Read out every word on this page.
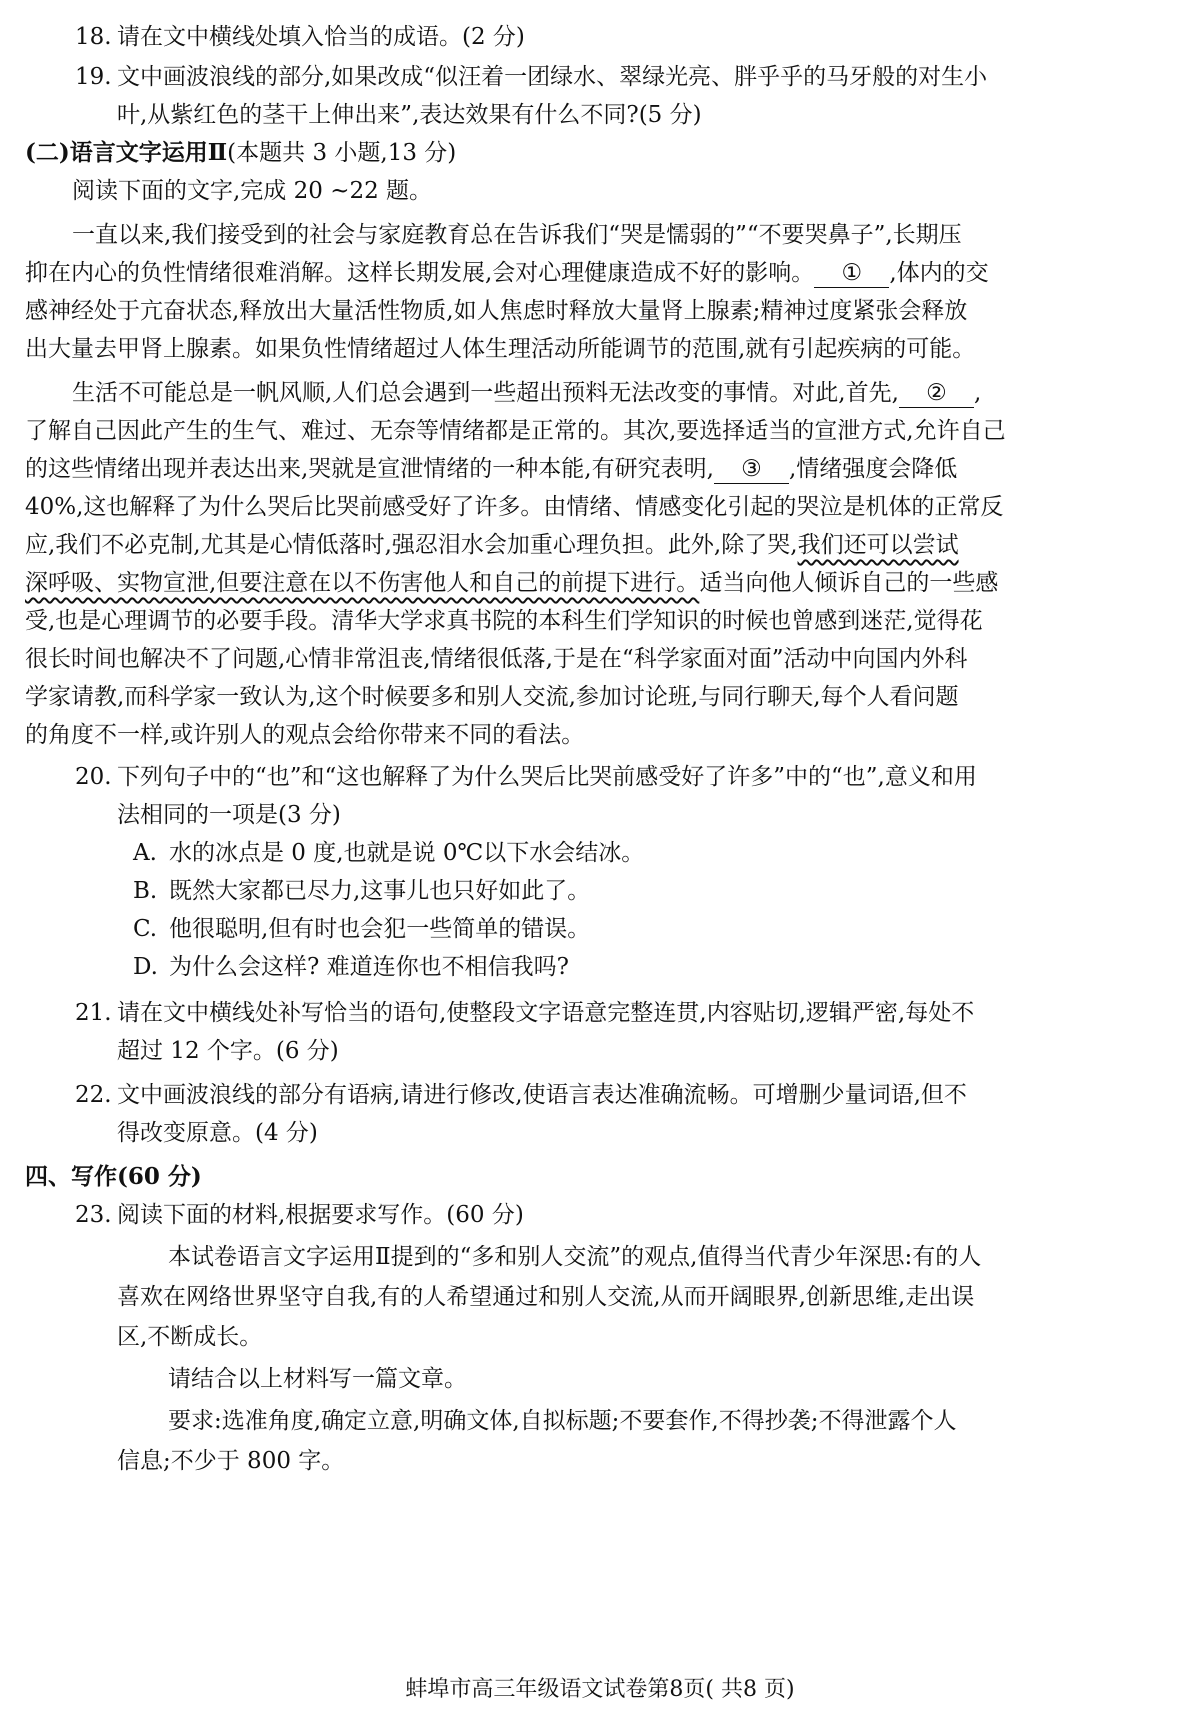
18. 请在文中横线处填入恰当的成语。(2 分)
19. 文中画波浪线的部分,如果改成“似汪着一团绿水、翠绿光亮、胖乎乎的马牙般的对生小
叶,从紫红色的茎干上伸出来”,表达效果有什么不同?(5 分)
(二)语言文字运用Ⅱ(本题共 3 小题,13 分)
阅读下面的文字,完成 20 ~22 题。
一直以来,我们接受到的社会与家庭教育总在告诉我们“哭是懦弱的”“不要哭鼻子”,长期压
抑在内心的负性情绪很难消解。这样长期发展,会对心理健康造成不好的影响。 ① ,体内的交
感神经处于亢奋状态,释放出大量活性物质,如人焦虑时释放大量肾上腺素;精神过度紧张会释放
出大量去甲肾上腺素。如果负性情绪超过人体生理活动所能调节的范围,就有引起疾病的可能。
生活不可能总是一帆风顺,人们总会遇到一些超出预料无法改变的事情。对此,首先, ② ,
了解自己因此产生的生气、难过、无奈等情绪都是正常的。其次,要选择适当的宣泄方式,允许自己
的这些情绪出现并表达出来,哭就是宣泄情绪的一种本能,有研究表明, ③ ,情绪强度会降低
40%,这也解释了为什么哭后比哭前感受好了许多。由情绪、情感变化引起的哭泣是机体的正常反
应,我们不必克制,尤其是心情低落时,强忍泪水会加重心理负担。此外,除了哭,我们还可以尝试
深呼吸、实物宣泄,但要注意在以不伤害他人和自己的前提下进行。适当向他人倾诉自己的一些感
受,也是心理调节的必要手段。清华大学求真书院的本科生们学知识的时候也曾感到迷茫,觉得花
很长时间也解决不了问题,心情非常沮丧,情绪很低落,于是在“科学家面对面”活动中向国内外科
学家请教,而科学家一致认为,这个时候要多和别人交流,参加讨论班,与同行聊天,每个人看问题
的角度不一样,或许别人的观点会给你带来不同的看法。
20. 下列句子中的“也”和“这也解释了为什么哭后比哭前感受好了许多”中的“也”,意义和用
法相同的一项是(3 分)
A. 水的冰点是 0 度,也就是说 0℃以下水会结冰。
B. 既然大家都已尽力,这事儿也只好如此了。
C. 他很聪明,但有时也会犯一些简单的错误。
D. 为什么会这样? 难道连你也不相信我吗?
21. 请在文中横线处补写恰当的语句,使整段文字语意完整连贯,内容贴切,逻辑严密,每处不
超过 12 个字。(6 分)
22. 文中画波浪线的部分有语病,请进行修改,使语言表达准确流畅。可增删少量词语,但不
得改变原意。(4 分)
四、写作(60 分)
23. 阅读下面的材料,根据要求写作。(60 分)
本试卷语言文字运用Ⅱ提到的“多和别人交流”的观点,值得当代青少年深思:有的人
喜欢在网络世界坚守自我,有的人希望通过和别人交流,从而开阔眼界,创新思维,走出误
区,不断成长。
请结合以上材料写一篇文章。
要求:选准角度,确定立意,明确文体,自拟标题;不要套作,不得抄袭;不得泄露个人
信息;不少于 800 字。
蚌埠市高三年级语文试卷第8页( 共8 页)
